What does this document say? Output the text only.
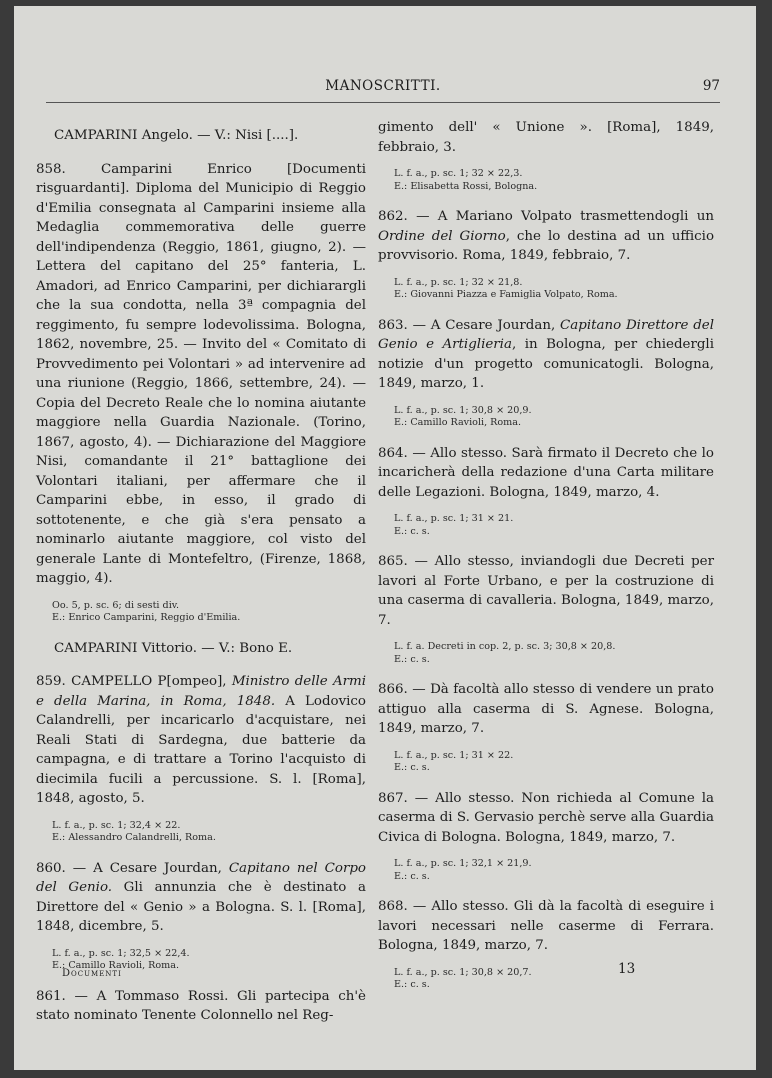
MANOSCRITTI.	97
CAMPARINI Angelo. — V.: Nisi [....].
858. Camparini Enrico [Documenti risguardanti]. Diploma del Municipio di Reggio d'Emilia consegnata al Camparini insieme alla Medaglia commemorativa delle guerre dell'indipendenza (Reggio, 1861, giugno, 2). — Lettera del capitano del 25° fanteria, L. Amadori, ad Enrico Camparini, per dichiarargli che la sua condotta, nella 3ª compagnia del reggimento, fu sempre lodevolissima. Bologna, 1862, novembre, 25. — Invito del « Comitato di Provvedimento pei Volontari » ad intervenire ad una riunione (Reggio, 1866, settembre, 24). — Copia del Decreto Reale che lo nomina aiutante maggiore nella Guardia Nazionale. (Torino, 1867, agosto, 4). — Dichiarazione del Maggiore Nisi, comandante il 21° battaglione dei Volontari italiani, per affermare che il Camparini ebbe, in esso, il grado di sottotenente, e che già s'era pensato a nominarlo aiutante maggiore, col visto del generale Lante di Montefeltro, (Firenze, 1868, maggio, 4).
Oo. 5, p. sc. 6; di sesti div.
E.: Enrico Camparini, Reggio d'Emilia.
CAMPARINI Vittorio. — V.: Bono E.
859. CAMPELLO P[ompeo], Ministro delle Armi e della Marina, in Roma, 1848. A Lodovico Calandrelli, per incaricarlo d'acquistare, nei Reali Stati di Sardegna, due batterie da campagna, e di trattare a Torino l'acquisto di diecimila fucili a percussione. S. l. [Roma], 1848, agosto, 5.
L. f. a., p. sc. 1; 32,4 × 22.
E.: Alessandro Calandrelli, Roma.
860. — A Cesare Jourdan, Capitano nel Corpo del Genio. Gli annunzia che è destinato a Direttore del « Genio » a Bologna. S. l. [Roma], 1848, dicembre, 5.
L. f. a., p. sc. 1; 32,5 × 22,4.
E.: Camillo Ravioli, Roma.
861. — A Tommaso Rossi. Gli partecipa ch'è stato nominato Tenente Colonnello nel Reg-
gimento dell' « Unione ». [Roma], 1849, febbraio, 3.
L. f. a., p. sc. 1; 32 × 22,3.
E.: Elisabetta Rossi, Bologna.
862. — A Mariano Volpato trasmettendogli un Ordine del Giorno, che lo destina ad un ufficio provvisorio. Roma, 1849, febbraio, 7.
L. f. a., p. sc. 1; 32 × 21,8.
E.: Giovanni Piazza e Famiglia Volpato, Roma.
863. — A Cesare Jourdan, Capitano Direttore del Genio e Artiglieria, in Bologna, per chiedergli notizie d'un progetto comunicatogli. Bologna, 1849, marzo, 1.
L. f. a., p. sc. 1; 30,8 × 20,9.
E.: Camillo Ravioli, Roma.
864. — Allo stesso. Sarà firmato il Decreto che lo incaricherà della redazione d'una Carta militare delle Legazioni. Bologna, 1849, marzo, 4.
L. f. a., p. sc. 1; 31 × 21.
E.: c. s.
865. — Allo stesso, inviandogli due Decreti per lavori al Forte Urbano, e per la costruzione di una caserma di cavalleria. Bologna, 1849, marzo, 7.
L. f. a. Decreti in cop. 2, p. sc. 3; 30,8 × 20,8.
E.: c. s.
866. — Dà facoltà allo stesso di vendere un prato attiguo alla caserma di S. Agnese. Bologna, 1849, marzo, 7.
L. f. a., p. sc. 1; 31 × 22.
E.: c. s.
867. — Allo stesso. Non richieda al Comune la caserma di S. Gervasio perchè serve alla Guardia Civica di Bologna. Bologna, 1849, marzo, 7.
L. f. a., p. sc. 1; 32,1 × 21,9.
E.: c. s.
868. — Allo stesso. Gli dà la facoltà di eseguire i lavori necessari nelle caserme di Ferrara. Bologna, 1849, marzo, 7.
L. f. a., p. sc. 1; 30,8 × 20,7.
E.: c. s.
Documenti	13
